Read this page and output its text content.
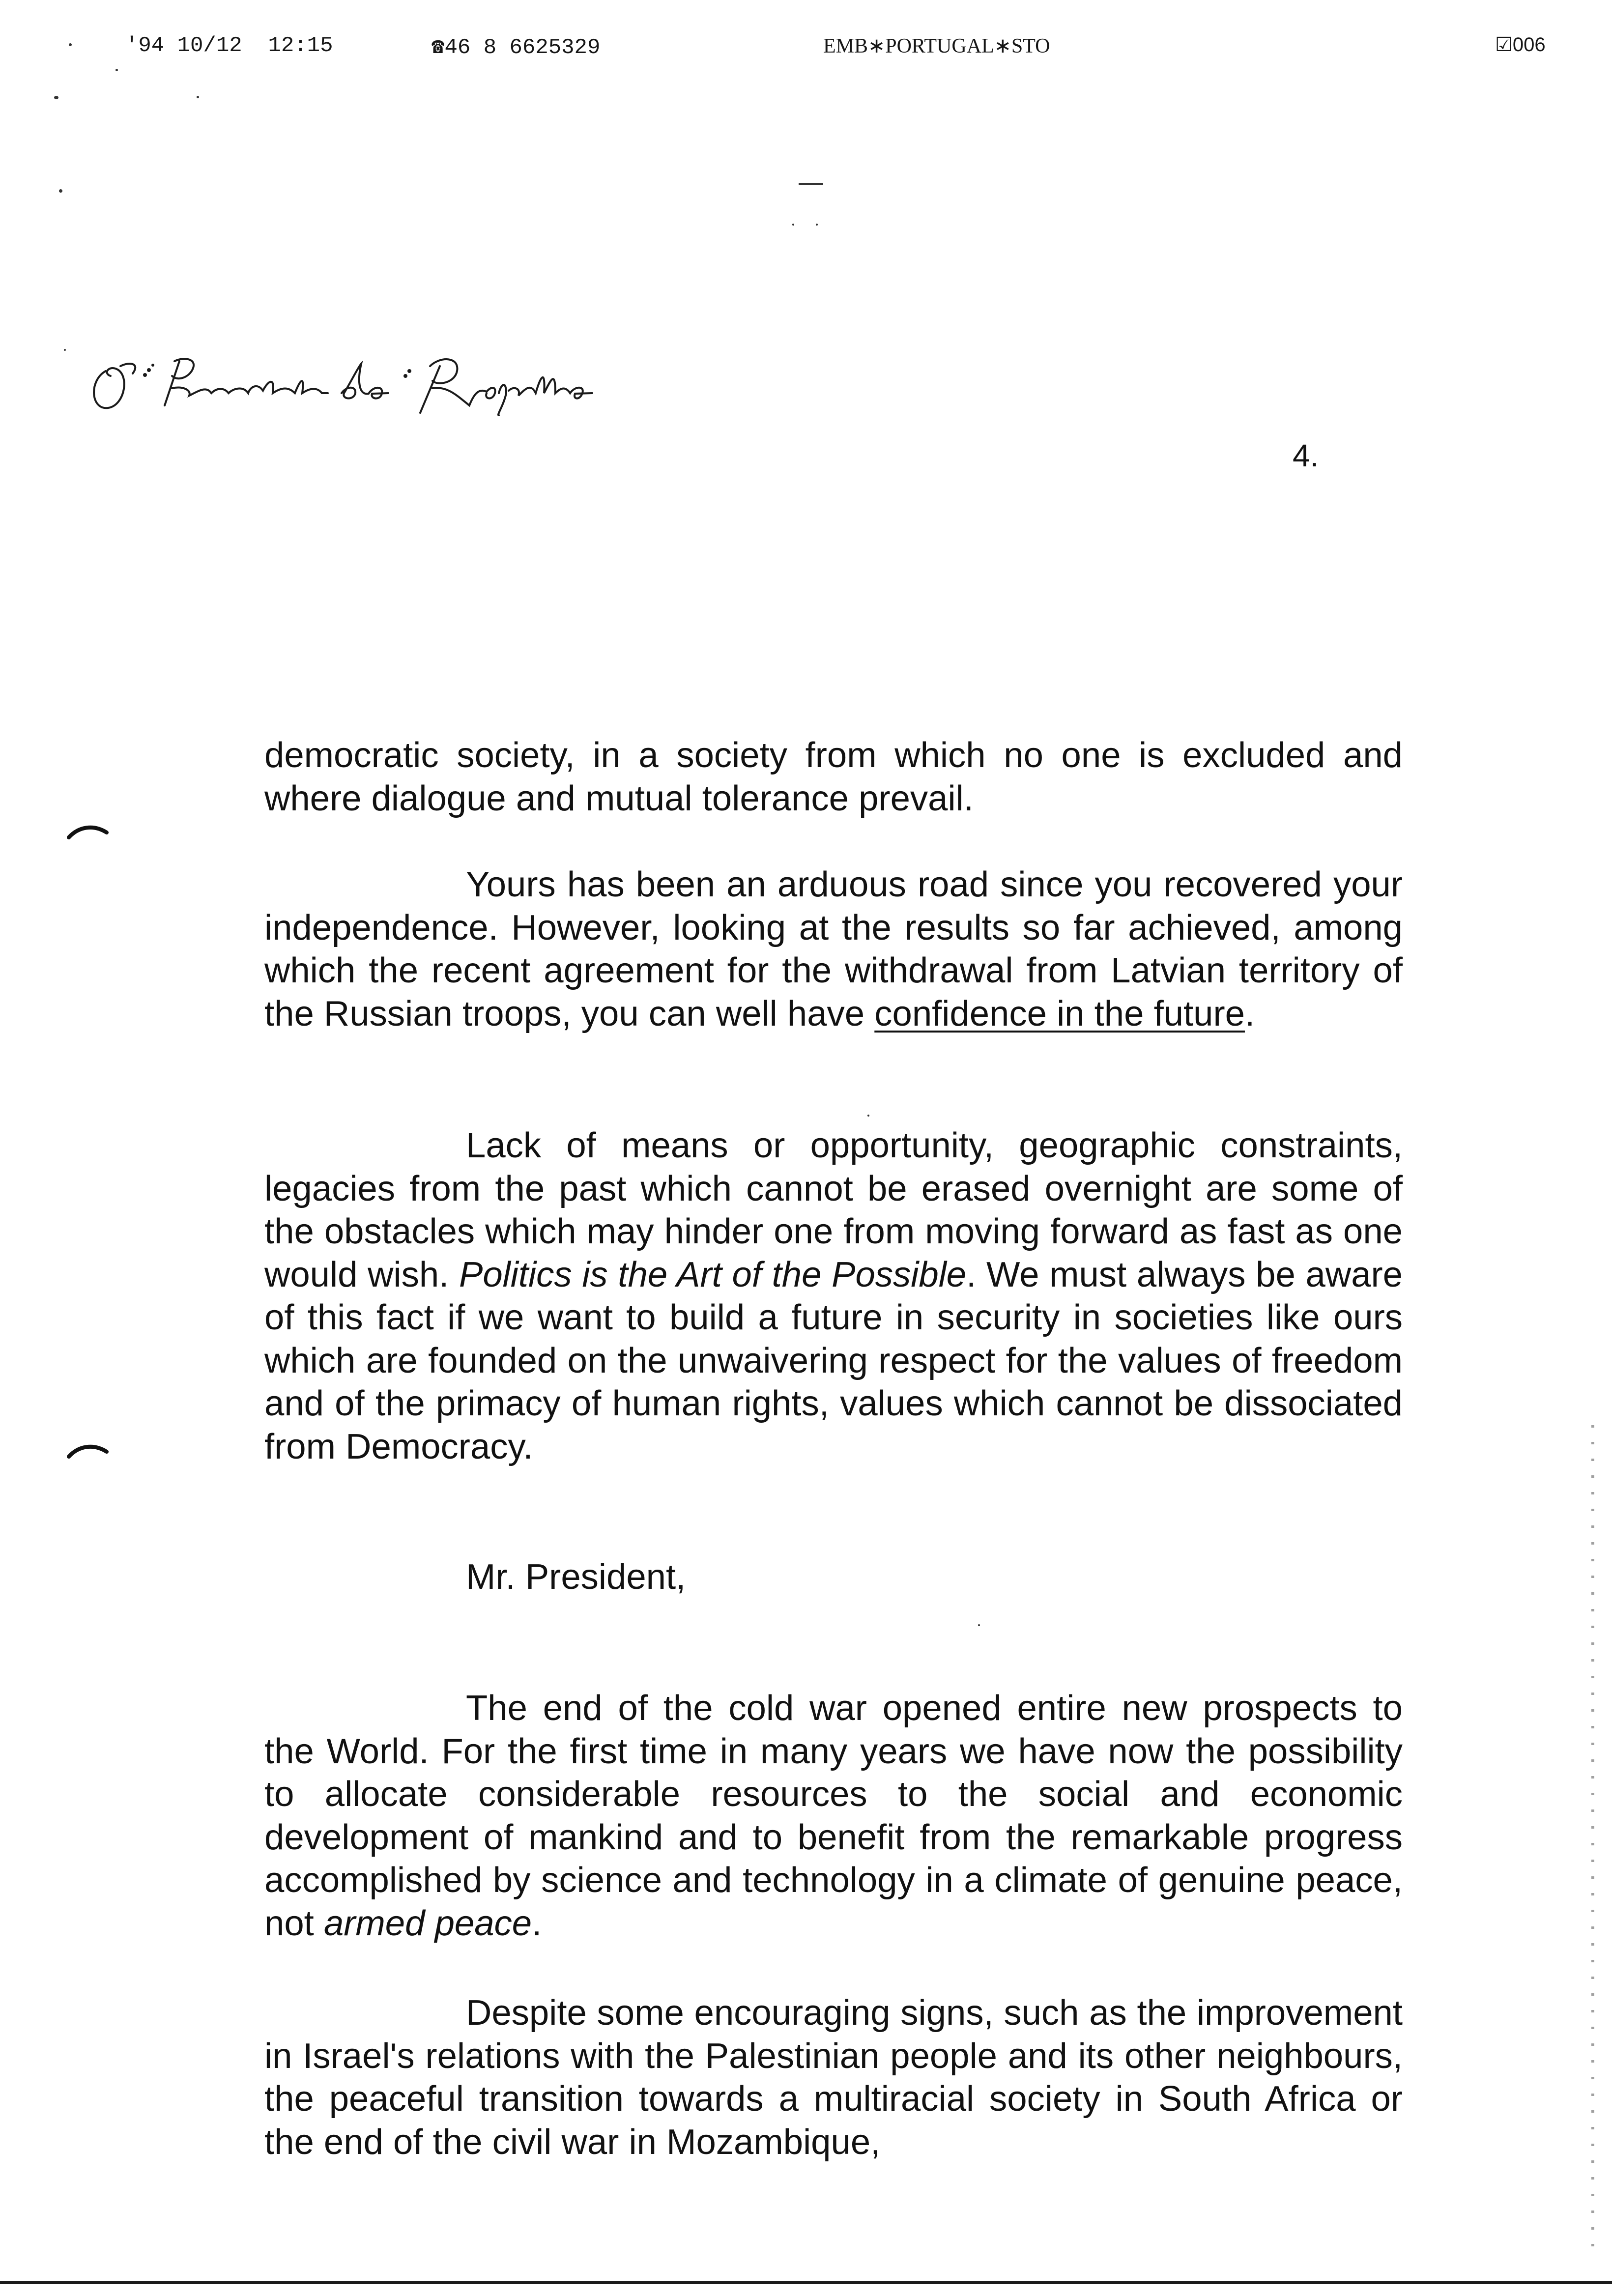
'94 10/12  12:15	☎46 8 6625329	EMB∗PORTUGAL∗STO	☑006
4.

democratic society, in a society from which no one is excluded and where dialogue and mutual tolerance prevail.

Yours has been an arduous road since you recovered your independence. However, looking at the results so far achieved, among which the recent agreement for the withdrawal from Latvian territory of the Russian troops, you can well have confidence in the future.

Lack of means or opportunity, geographic constraints, legacies from the past which cannot be erased overnight are some of the obstacles which may hinder one from moving forward as fast as one would wish. Politics is the Art of the Possible. We must always be aware of this fact if we want to build a future in security in societies like ours which are founded on the unwaivering respect for the values of freedom and of the primacy of human rights, values which cannot be dissociated from Democracy.

Mr. President,

The end of the cold war opened entire new prospects to the World. For the first time in many years we have now the possibility to allocate considerable resources to the social and economic development of mankind and to benefit from the remarkable progress accomplished by science and technology in a climate of genuine peace, not armed peace.

Despite some encouraging signs, such as the improvement in Israel's relations with the Palestinian people and its other neighbours, the peaceful transition towards a multiracial society in South Africa or the end of the civil war in Mozambique,
